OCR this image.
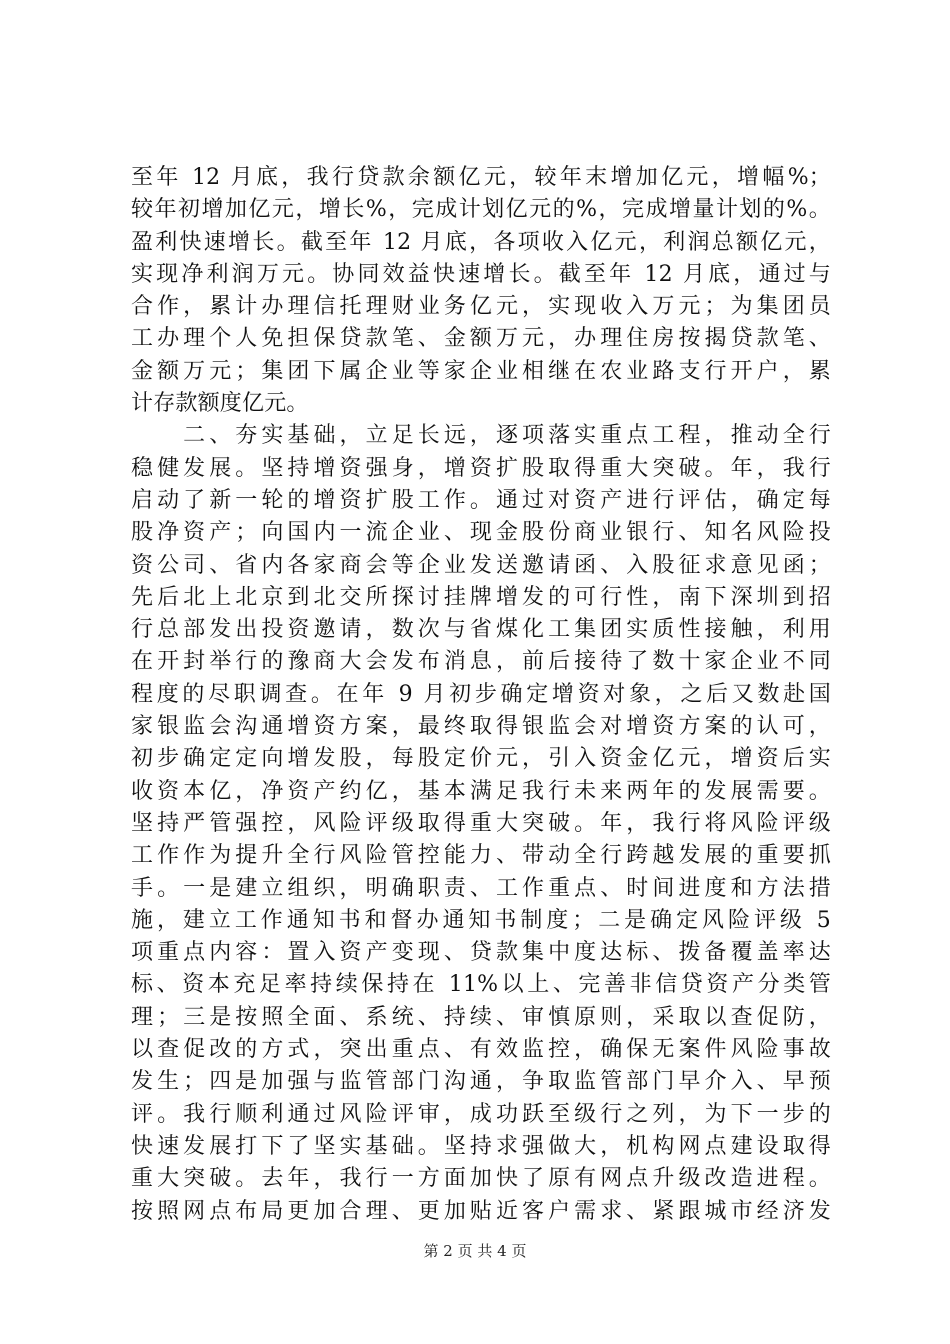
至年 12 月底，我行贷款余额亿元，较年末增加亿元，增幅%；
较年初增加亿元，增长%，完成计划亿元的%，完成增量计划的%。
盈利快速增长。截至年 12 月底，各项收入亿元，利润总额亿元，
实现净利润万元。协同效益快速增长。截至年 12 月底，通过与
合作，累计办理信托理财业务亿元，实现收入万元；为集团员
工办理个人免担保贷款笔、金额万元，办理住房按揭贷款笔、
金额万元；集团下属企业等家企业相继在农业路支行开户，累
计存款额度亿元。
　　二、夯实基础，立足长远，逐项落实重点工程，推动全行
稳健发展。坚持增资强身，增资扩股取得重大突破。年，我行
启动了新一轮的增资扩股工作。通过对资产进行评估，确定每
股净资产；向国内一流企业、现金股份商业银行、知名风险投
资公司、省内各家商会等企业发送邀请函、入股征求意见函；
先后北上北京到北交所探讨挂牌增发的可行性，南下深圳到招
行总部发出投资邀请，数次与省煤化工集团实质性接触，利用
在开封举行的豫商大会发布消息，前后接待了数十家企业不同
程度的尽职调查。在年 9 月初步确定增资对象，之后又数赴国
家银监会沟通增资方案，最终取得银监会对增资方案的认可，
初步确定定向增发股，每股定价元，引入资金亿元，增资后实
收资本亿，净资产约亿，基本满足我行未来两年的发展需要。
坚持严管强控，风险评级取得重大突破。年，我行将风险评级
工作作为提升全行风险管控能力、带动全行跨越发展的重要抓
手。一是建立组织，明确职责、工作重点、时间进度和方法措
施，建立工作通知书和督办通知书制度；二是确定风险评级 5
项重点内容：置入资产变现、贷款集中度达标、拨备覆盖率达
标、资本充足率持续保持在 11%以上、完善非信贷资产分类管
理；三是按照全面、系统、持续、审慎原则，采取以查促防，
以查促改的方式，突出重点、有效监控，确保无案件风险事故
发生；四是加强与监管部门沟通，争取监管部门早介入、早预
评。我行顺利通过风险评审，成功跃至级行之列，为下一步的
快速发展打下了坚实基础。坚持求强做大，机构网点建设取得
重大突破。去年，我行一方面加快了原有网点升级改造进程。
按照网点布局更加合理、更加贴近客户需求、紧跟城市经济发
第 2 页 共 4 页
